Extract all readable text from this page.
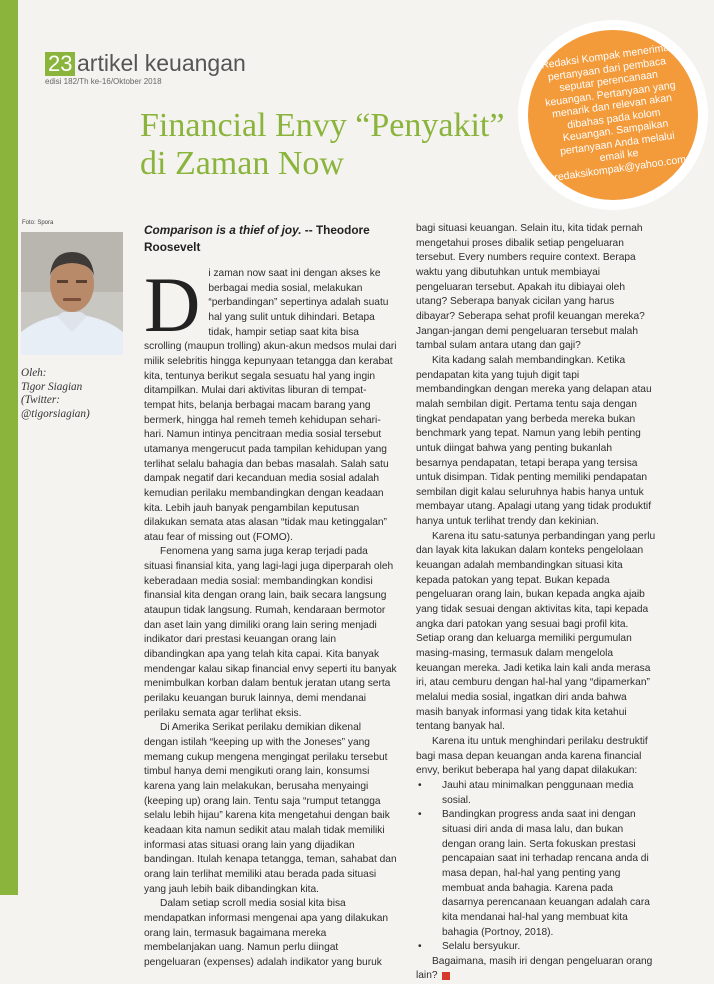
23 artikel keuangan
edisi 182/Th ke-16/Oktober 2018
Financial Envy “Penyakit”
di Zaman Now
Redaksi Kompak menerima pertanyaan dari pembaca seputar perencanaan keuangan. Pertanyaan yang menarik dan relevan akan dibahas pada kolom Keuangan. Sampaikan pertanyaan Anda melalui email ke redaksikompak@yahoo.com.
Foto: Spora
Oleh:
Tigor Siagian
(Twitter:
@tigorsiagian)
Comparison is a thief of joy. -- Theodore Roosevelt

Di zaman now saat ini dengan akses ke berbagai media sosial, melakukan “perbandingan” sepertinya adalah suatu hal yang sulit untuk dihindari. Betapa tidak, hampir setiap saat kita bisa scrolling (maupun trolling) akun-akun medsos mulai dari milik selebritis hingga kepunyaan tetangga dan kerabat kita, tentunya berikut segala sesuatu hal yang ingin ditampilkan. Mulai dari aktivitas liburan di tempat-tempat hits, belanja berbagai macam barang yang bermerk, hingga hal remeh temeh kehidupan sehari-hari. Namun intinya pencitraan media sosial tersebut utamanya mengerucut pada tampilan kehidupan yang terlihat selalu bahagia dan bebas masalah. Salah satu dampak negatif dari kecanduan media sosial adalah kemudian perilaku membandingkan dengan keadaan kita. Lebih jauh banyak pengambilan keputusan dilakukan semata atas alasan “tidak mau ketinggalan” atau fear of missing out (FOMO).

Fenomena yang sama juga kerap terjadi pada situasi finansial kita, yang lagi-lagi juga diperparah oleh keberadaan media sosial: membandingkan kondisi finansial kita dengan orang lain, baik secara langsung ataupun tidak langsung. Rumah, kendaraan bermotor dan aset lain yang dimiliki orang lain sering menjadi indikator dari prestasi keuangan orang lain dibandingkan apa yang telah kita capai. Kita banyak mendengar kalau sikap financial envy seperti itu banyak menimbulkan korban dalam bentuk jeratan utang serta perilaku keuangan buruk lainnya, demi mendanai perilaku semata agar terlihat eksis.

Di Amerika Serikat perilaku demikian dikenal dengan istilah “keeping up with the Joneses” yang memang cukup mengena mengingat perilaku tersebut timbul hanya demi mengikuti orang lain, konsumsi karena yang lain melakukan, berusaha menyaingi (keeping up) orang lain. Tentu saja “rumput tetangga selalu lebih hijau” karena kita mengetahui dengan baik keadaan kita namun sedikit atau malah tidak memiliki informasi atas situasi orang lain yang dijadikan bandingan. Itulah kenapa tetangga, teman, sahabat dan orang lain terlihat memiliki atau berada pada situasi yang jauh lebih baik dibandingkan kita.

Dalam setiap scroll media sosial kita bisa mendapatkan informasi mengenai apa yang dilakukan orang lain, termasuk bagaimana mereka membelanjakan uang. Namun perlu diingat pengeluaran (expenses) adalah indikator yang buruk

bagi situasi keuangan. Selain itu, kita tidak pernah mengetahui proses dibalik setiap pengeluaran tersebut. Every numbers require context. Berapa waktu yang dibutuhkan untuk membiayai pengeluaran tersebut. Apakah itu dibiayai oleh utang? Seberapa banyak cicilan yang harus dibayar? Seberapa sehat profil keuangan mereka? Jangan-jangan demi pengeluaran tersebut malah tambal sulam antara utang dan gaji?

Kita kadang salah membandingkan. Ketika pendapatan kita yang tujuh digit tapi membandingkan dengan mereka yang delapan atau malah sembilan digit. Pertama tentu saja dengan tingkat pendapatan yang berbeda mereka bukan benchmark yang tepat. Namun yang lebih penting untuk diingat bahwa yang penting bukanlah besarnya pendapatan, tetapi berapa yang tersisa untuk disimpan. Tidak penting memiliki pendapatan sembilan digit kalau seluruhnya habis hanya untuk membayar utang. Apalagi utang yang tidak produktif hanya untuk terlihat trendy dan kekinian.

Karena itu satu-satunya perbandingan yang perlu dan layak kita lakukan dalam konteks pengelolaan keuangan adalah membandingkan situasi kita kepada patokan yang tepat. Bukan kepada pengeluaran orang lain, bukan kepada angka ajaib yang tidak sesuai dengan aktivitas kita, tapi kepada angka dari patokan yang sesuai bagi profil kita. Setiap orang dan keluarga memiliki pergumulan masing-masing, termasuk dalam mengelola keuangan mereka. Jadi ketika lain kali anda merasa iri, atau cemburu dengan hal-hal yang “dipamerkan” melalui media sosial, ingatkan diri anda bahwa masih banyak informasi yang tidak kita ketahui tentang banyak hal.

Karena itu untuk menghindari perilaku destruktif bagi masa depan keuangan anda karena financial envy, berikut beberapa hal yang dapat dilakukan:

• Jauhi atau minimalkan penggunaan media sosial.
• Bandingkan progress anda saat ini dengan situasi diri anda di masa lalu, dan bukan dengan orang lain. Serta fokuskan prestasi pencapaian saat ini terhadap rencana anda di masa depan, hal-hal yang penting yang membuat anda bahagia. Karena pada dasarnya perencanaan keuangan adalah cara kita mendanai hal-hal yang membuat kita bahagia (Portnoy, 2018).
• Selalu bersyukur.

Bagaimana, masih iri dengan pengeluaran orang lain?
